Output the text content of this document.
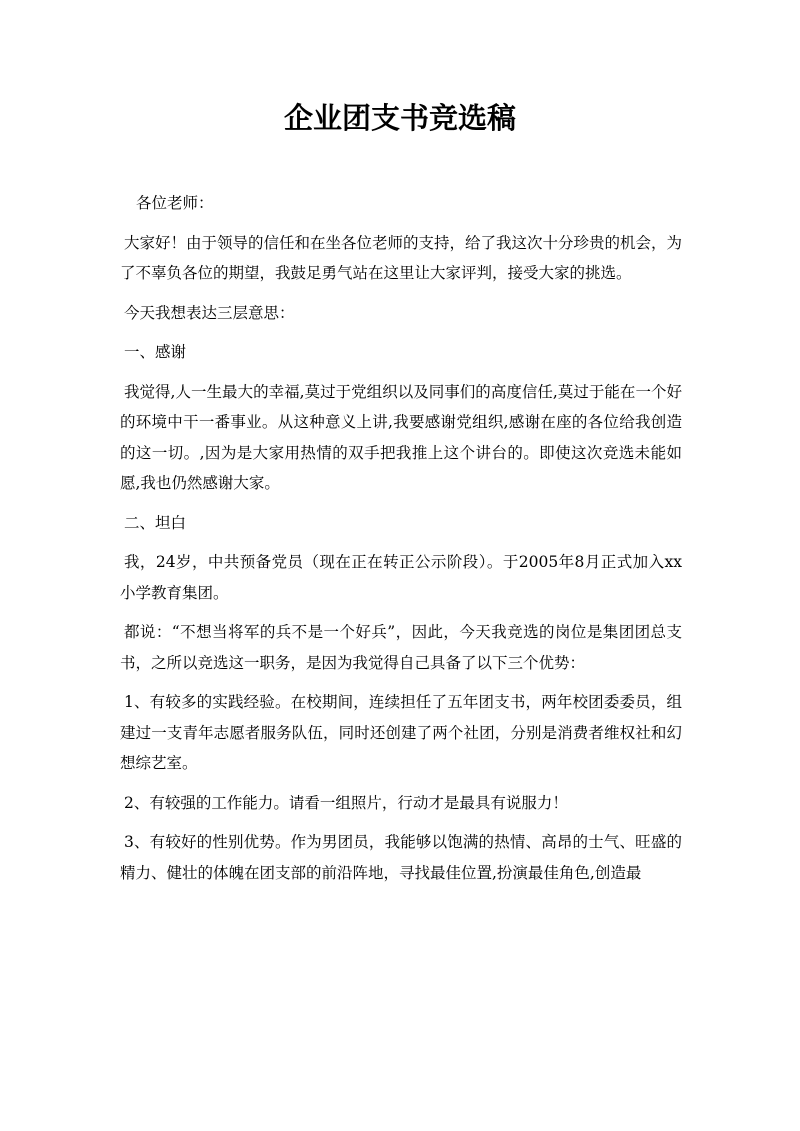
企业团支书竞选稿

各位老师：

大家好！由于领导的信任和在坐各位老师的支持，给了我这次十分珍贵的机会，为了不辜负各位的期望，我鼓足勇气站在这里让大家评判，接受大家的挑选。

今天我想表达三层意思：

一、感谢

我觉得,人一生最大的幸福,莫过于党组织以及同事们的高度信任,莫过于能在一个好的环境中干一番事业。从这种意义上讲,我要感谢党组织,感谢在座的各位给我创造的这一切。,因为是大家用热情的双手把我推上这个讲台的。即使这次竞选未能如愿,我也仍然感谢大家。

二、坦白

我，24岁，中共预备党员（现在正在转正公示阶段）。于2005年8月正式加入xx小学教育集团。

都说：“不想当将军的兵不是一个好兵”，因此，今天我竞选的岗位是集团团总支书，之所以竞选这一职务，是因为我觉得自己具备了以下三个优势：

1、有较多的实践经验。在校期间，连续担任了五年团支书，两年校团委委员，组建过一支青年志愿者服务队伍，同时还创建了两个社团，分别是消费者维权社和幻想综艺室。

2、有较强的工作能力。请看一组照片，行动才是最具有说服力！

3、有较好的性别优势。作为男团员，我能够以饱满的热情、高昂的士气、旺盛的精力、健壮的体魄在团支部的前沿阵地，寻找最佳位置,扮演最佳角色,创造最
